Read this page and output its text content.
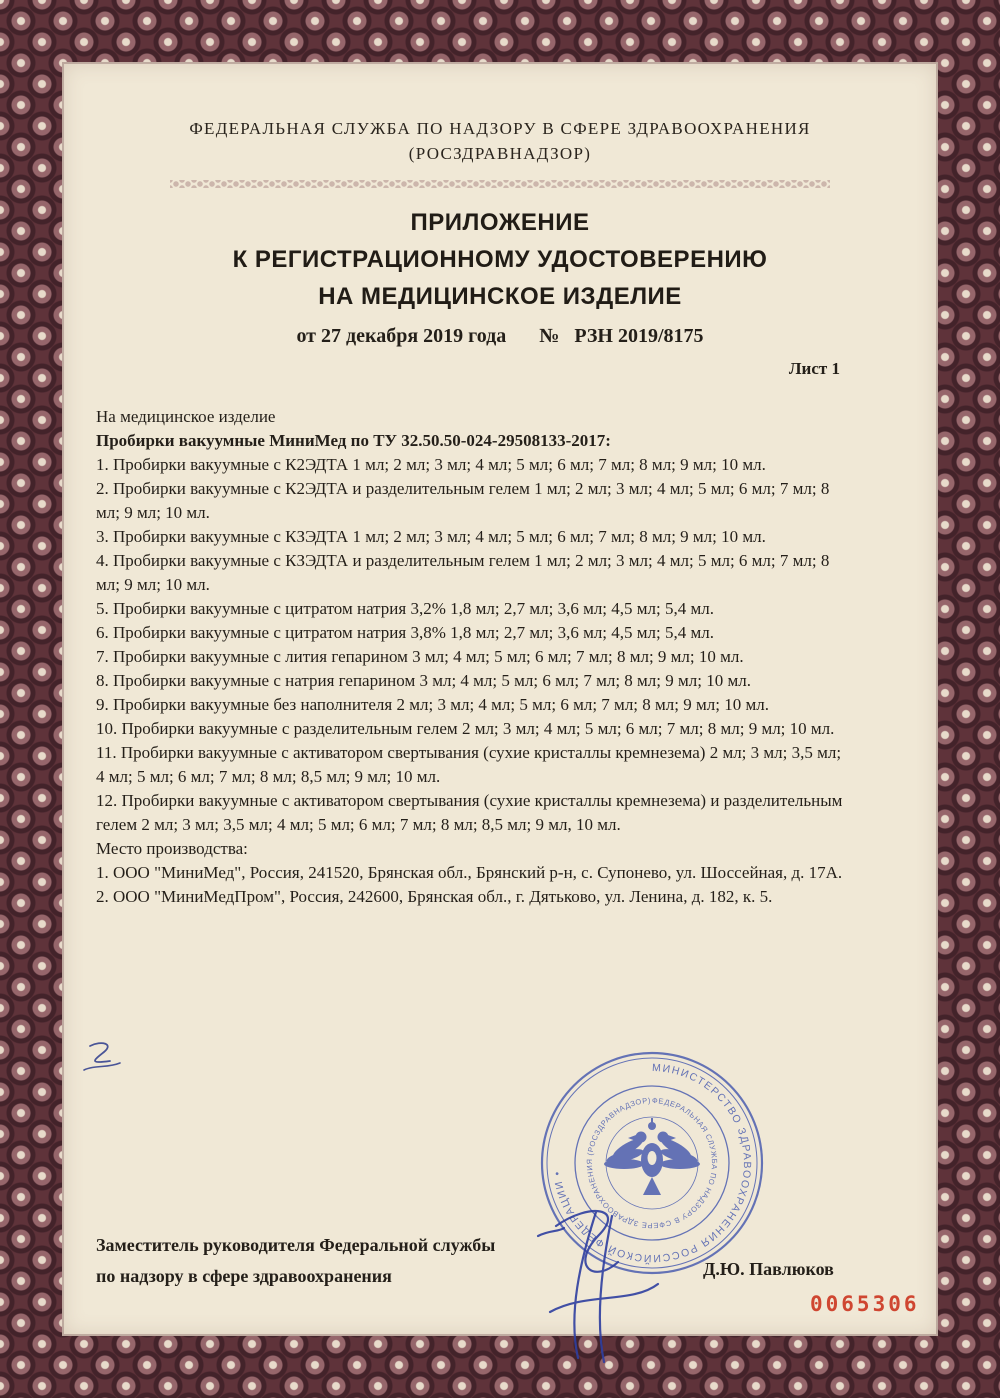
ФЕДЕРАЛЬНАЯ СЛУЖБА ПО НАДЗОРУ В СФЕРЕ ЗДРАВООХРАНЕНИЯ
(РОСЗДРАВНАДЗОР)
ПРИЛОЖЕНИЕ
К РЕГИСТРАЦИОННОМУ УДОСТОВЕРЕНИЮ
НА МЕДИЦИНСКОЕ ИЗДЕЛИЕ
от 27 декабря 2019 года № РЗН 2019/8175
Лист 1
На медицинское изделие
Пробирки вакуумные МиниМед по ТУ 32.50.50-024-29508133-2017:
1. Пробирки вакуумные с К2ЭДТА 1 мл; 2 мл; 3 мл; 4 мл; 5 мл; 6 мл; 7 мл; 8 мл; 9 мл; 10 мл.
2. Пробирки вакуумные с К2ЭДТА и разделительным гелем 1 мл; 2 мл; 3 мл; 4 мл; 5 мл; 6 мл; 7 мл; 8 мл; 9 мл; 10 мл.
3. Пробирки вакуумные с КЗЭДТА 1 мл; 2 мл; 3 мл; 4 мл; 5 мл; 6 мл; 7 мл; 8 мл; 9 мл; 10 мл.
4. Пробирки вакуумные с КЗЭДТА и разделительным гелем 1 мл; 2 мл; 3 мл; 4 мл; 5 мл; 6 мл; 7 мл; 8 мл; 9 мл; 10 мл.
5. Пробирки вакуумные с цитратом натрия 3,2% 1,8 мл; 2,7 мл; 3,6 мл; 4,5 мл; 5,4 мл.
6. Пробирки вакуумные с цитратом натрия 3,8% 1,8 мл; 2,7 мл; 3,6 мл; 4,5 мл; 5,4 мл.
7. Пробирки вакуумные с лития гепарином 3 мл; 4 мл; 5 мл; 6 мл; 7 мл; 8 мл; 9 мл; 10 мл.
8. Пробирки вакуумные с натрия гепарином 3 мл; 4 мл; 5 мл; 6 мл; 7 мл; 8 мл; 9 мл; 10 мл.
9. Пробирки вакуумные без наполнителя 2 мл; 3 мл; 4 мл; 5 мл; 6 мл; 7 мл; 8 мл; 9 мл; 10 мл.
10. Пробирки вакуумные с разделительным гелем 2 мл; 3 мл; 4 мл; 5 мл; 6 мл; 7 мл; 8 мл; 9 мл; 10 мл.
11. Пробирки вакуумные с активатором свертывания (сухие кристаллы кремнезема) 2 мл; 3 мл; 3,5 мл; 4 мл; 5 мл; 6 мл; 7 мл; 8 мл; 8,5 мл; 9 мл; 10 мл.
12. Пробирки вакуумные с активатором свертывания (сухие кристаллы кремнезема) и разделительным гелем 2 мл; 3 мл; 3,5 мл; 4 мл; 5 мл; 6 мл; 7 мл; 8 мл; 8,5 мл; 9 мл, 10 мл.
Место производства:
1. ООО "МиниМед", Россия, 241520, Брянская обл., Брянский р-н, с. Супонево, ул. Шоссейная, д. 17А.
2. ООО "МиниМедПром", Россия, 242600, Брянская обл., г. Дятьково, ул. Ленина, д. 182, к. 5.
МИНИСТЕРСТВО ЗДРАВООХРАНЕНИЯ РОССИЙСКОЙ ФЕДЕРАЦИИ •
ФЕДЕРАЛЬНАЯ СЛУЖБА ПО НАДЗОРУ В СФЕРЕ ЗДРАВООХРАНЕНИЯ (РОСЗДРАВНАДЗОР)
Заместитель руководителя Федеральной службы
по надзору в сфере здравоохранения	Д.Ю. Павлюков
0065306
